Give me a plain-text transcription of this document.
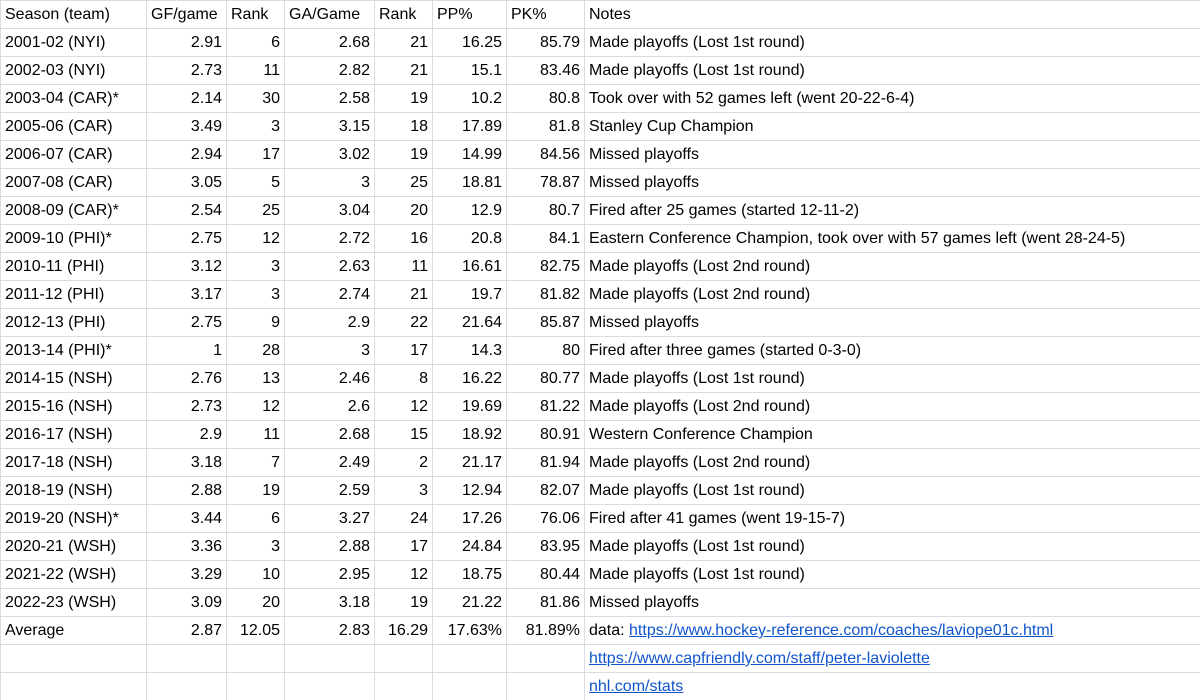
Season (team)	GF/game	Rank	GA/Game	Rank	PP%	PK%	Notes
2001-02 (NYI)	2.91	6	2.68	21	16.25	85.79	Made playoffs (Lost 1st round)
2002-03 (NYI)	2.73	11	2.82	21	15.1	83.46	Made playoffs (Lost 1st round)
2003-04 (CAR)*	2.14	30	2.58	19	10.2	80.8	Took over with 52 games left (went 20-22-6-4)
2005-06 (CAR)	3.49	3	3.15	18	17.89	81.8	Stanley Cup Champion
2006-07 (CAR)	2.94	17	3.02	19	14.99	84.56	Missed playoffs
2007-08 (CAR)	3.05	5	3	25	18.81	78.87	Missed playoffs
2008-09 (CAR)*	2.54	25	3.04	20	12.9	80.7	Fired after 25 games (started 12-11-2)
2009-10 (PHI)*	2.75	12	2.72	16	20.8	84.1	Eastern Conference Champion, took over with 57 games left (went 28-24-5)
2010-11 (PHI)	3.12	3	2.63	11	16.61	82.75	Made playoffs (Lost 2nd round)
2011-12 (PHI)	3.17	3	2.74	21	19.7	81.82	Made playoffs (Lost 2nd round)
2012-13 (PHI)	2.75	9	2.9	22	21.64	85.87	Missed playoffs
2013-14 (PHI)*	1	28	3	17	14.3	80	Fired after three games (started 0-3-0)
2014-15 (NSH)	2.76	13	2.46	8	16.22	80.77	Made playoffs (Lost 1st round)
2015-16 (NSH)	2.73	12	2.6	12	19.69	81.22	Made playoffs (Lost 2nd round)
2016-17 (NSH)	2.9	11	2.68	15	18.92	80.91	Western Conference Champion
2017-18 (NSH)	3.18	7	2.49	2	21.17	81.94	Made playoffs (Lost 2nd round)
2018-19 (NSH)	2.88	19	2.59	3	12.94	82.07	Made playoffs (Lost 1st round)
2019-20 (NSH)*	3.44	6	3.27	24	17.26	76.06	Fired after 41 games (went 19-15-7)
2020-21 (WSH)	3.36	3	2.88	17	24.84	83.95	Made playoffs (Lost 1st round)
2021-22 (WSH)	3.29	10	2.95	12	18.75	80.44	Made playoffs (Lost 1st round)
2022-23 (WSH)	3.09	20	3.18	19	21.22	81.86	Missed playoffs
Average	2.87	12.05	2.83	16.29	17.63%	81.89%	data: https://www.hockey-reference.com/coaches/laviope01c.html
							https://www.capfriendly.com/staff/peter-laviolette
							nhl.com/stats
